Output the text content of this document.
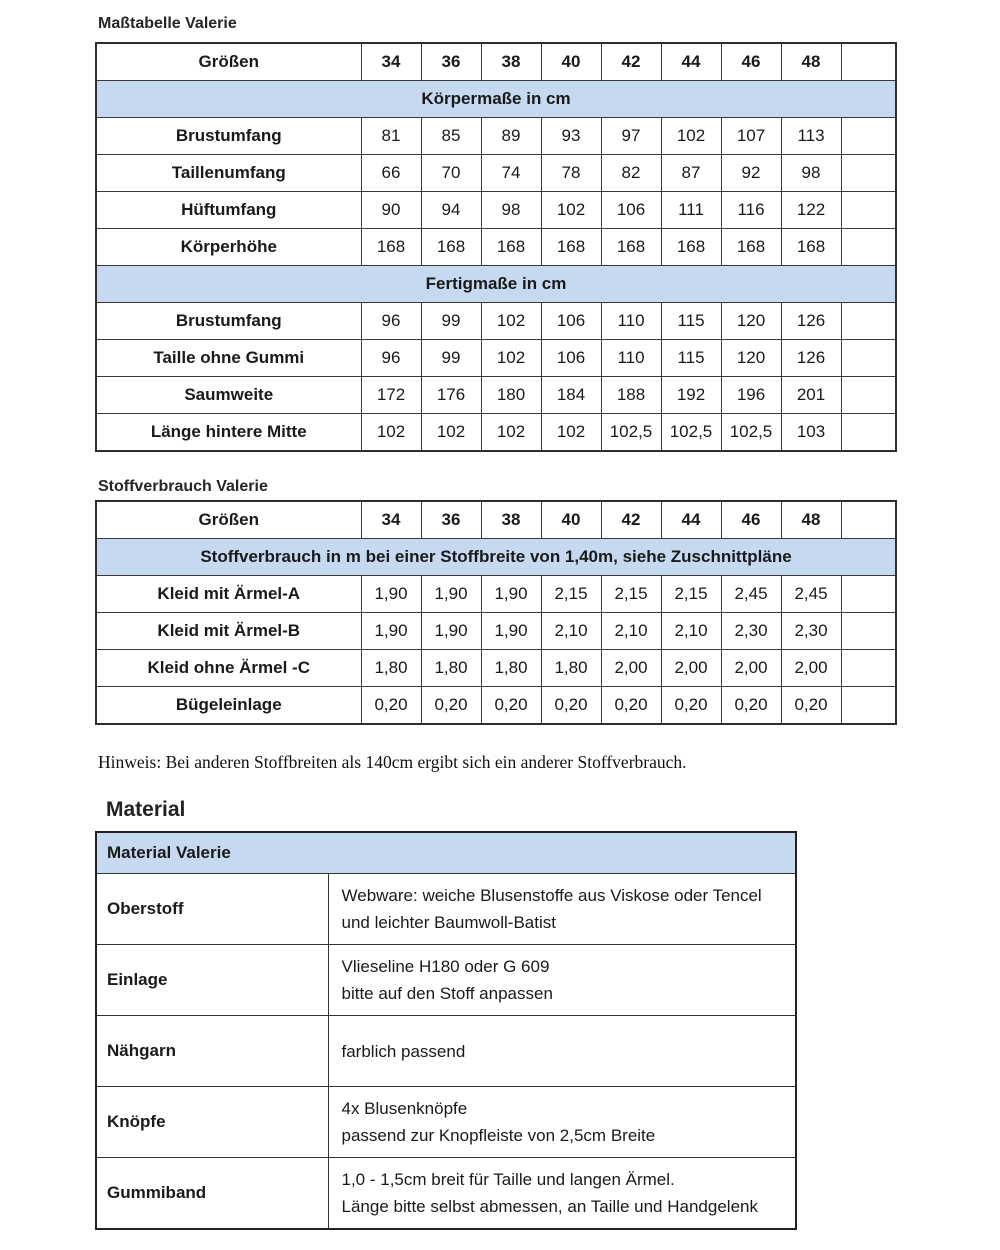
Maßtabelle Valerie
Größen	34	36	38	40	42	44	46	48	
Körpermaße in cm									
Brustumfang	81	85	89	93	97	102	107	113	
Taillenumfang	66	70	74	78	82	87	92	98	
Hüftumfang	90	94	98	102	106	111	116	122	
Körperhöhe	168	168	168	168	168	168	168	168	
Fertigmaße in cm									
Brustumfang	96	99	102	106	110	115	120	126	
Taille ohne Gummi	96	99	102	106	110	115	120	126	
Saumweite	172	176	180	184	188	192	196	201	
Länge hintere Mitte	102	102	102	102	102,5	102,5	102,5	103	
Stoffverbrauch Valerie
Größen	34	36	38	40	42	44	46	48	
Stoffverbrauch in m bei einer Stoffbreite von 1,40m, siehe Zuschnittpläne									
Kleid mit Ärmel-A	1,90	1,90	1,90	2,15	2,15	2,15	2,45	2,45	
Kleid mit Ärmel-B	1,90	1,90	1,90	2,10	2,10	2,10	2,30	2,30	
Kleid ohne Ärmel -C	1,80	1,80	1,80	1,80	2,00	2,00	2,00	2,00	
Bügeleinlage	0,20	0,20	0,20	0,20	0,20	0,20	0,20	0,20	
Hinweis: Bei anderen Stoffbreiten als 140cm ergibt sich ein anderer Stoffverbrauch.
Material
Material Valerie	
Oberstoff	Webware: weiche Blusenstoffe aus Viskose oder Tencel
und leichter Baumwoll-Batist

Einlage	Vlieseline H180 oder G 609
bitte auf den Stoff anpassen

Nähgarn	farblich passend

Knöpfe	4x Blusenknöpfe
passend zur Knopfleiste von 2,5cm Breite

Gummiband	1,0 - 1,5cm breit für Taille und langen Ärmel.
Länge bitte selbst abmessen, an Taille und Handgelenk
